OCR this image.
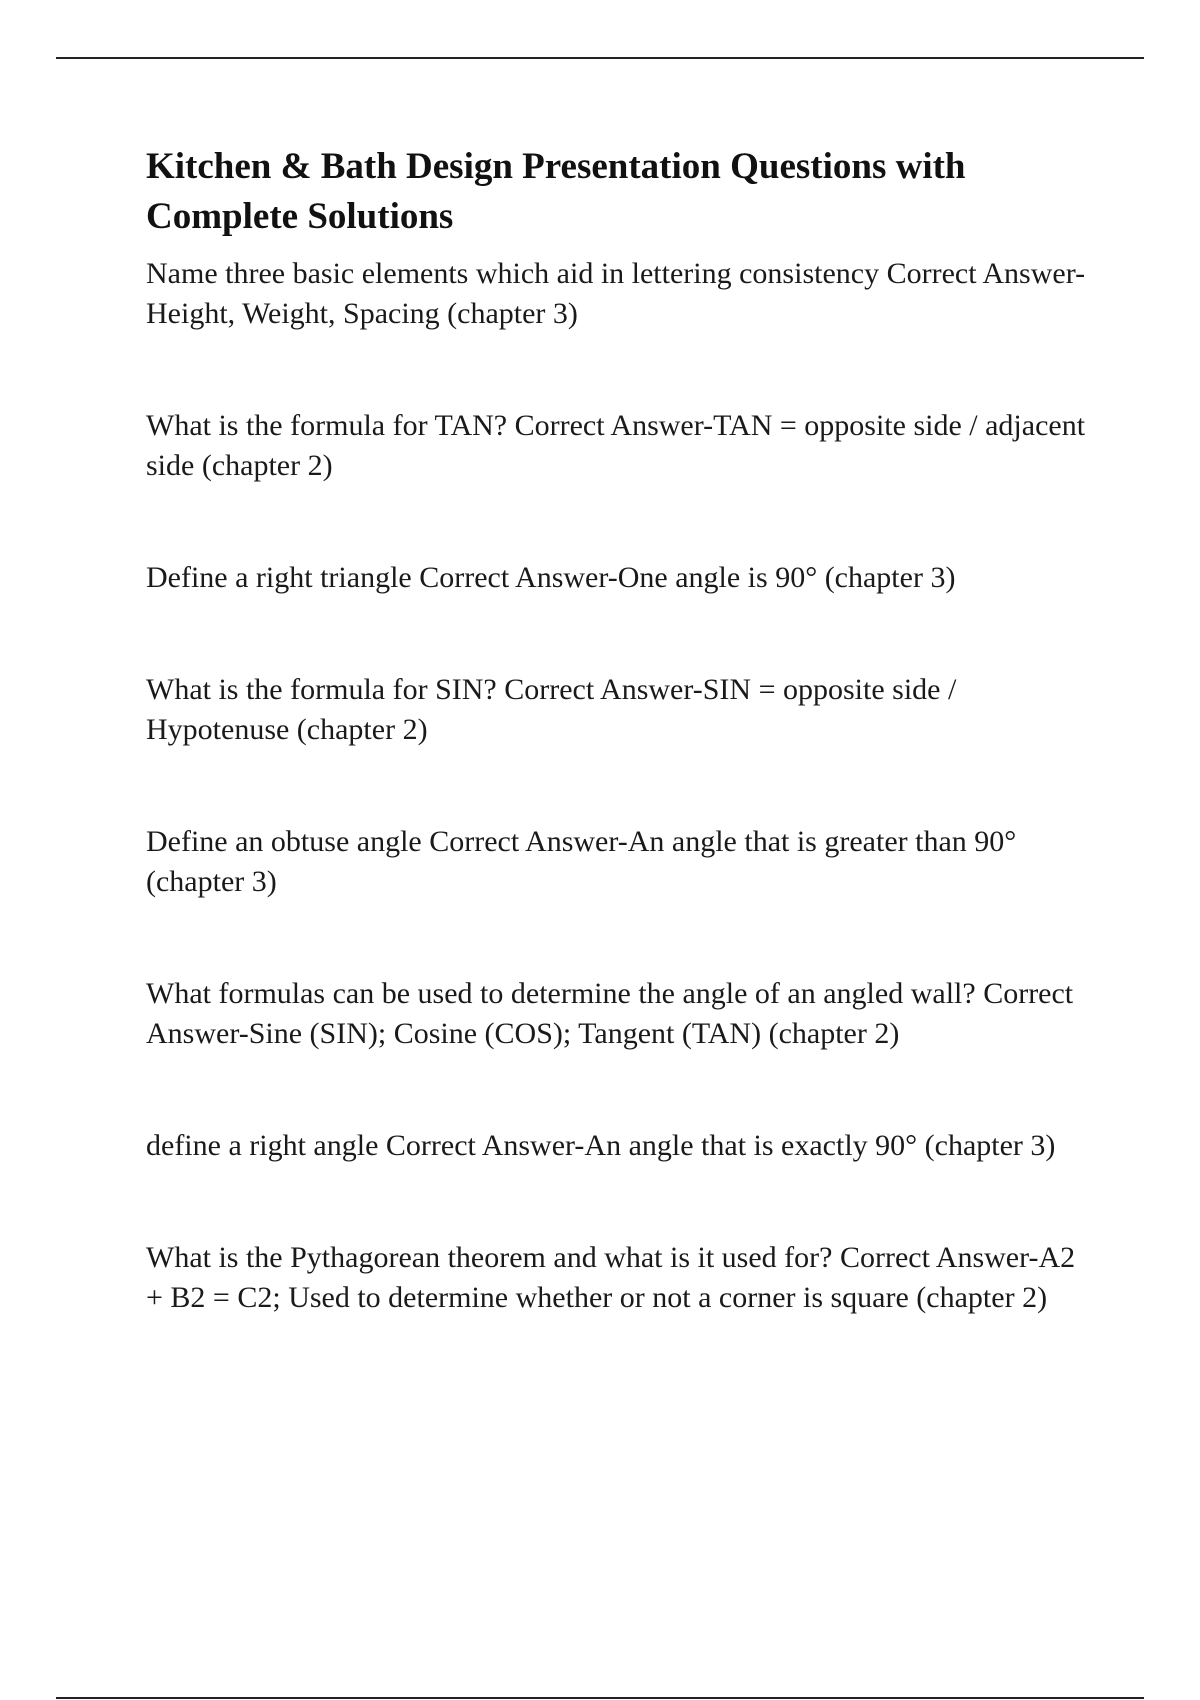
Kitchen & Bath Design Presentation Questions with Complete Solutions

Name three basic elements which aid in lettering consistency Correct Answer-Height, Weight, Spacing (chapter 3)

What is the formula for TAN? Correct Answer-TAN = opposite side / adjacent side (chapter 2)

Define a right triangle Correct Answer-One angle is 90° (chapter 3)

What is the formula for SIN? Correct Answer-SIN = opposite side / Hypotenuse (chapter 2)

Define an obtuse angle Correct Answer-An angle that is greater than 90° (chapter 3)

What formulas can be used to determine the angle of an angled wall? Correct Answer-Sine (SIN); Cosine (COS); Tangent (TAN) (chapter 2)

define a right angle Correct Answer-An angle that is exactly 90° (chapter 3)

What is the Pythagorean theorem and what is it used for? Correct Answer-A2 + B2 = C2; Used to determine whether or not a corner is square (chapter 2)
